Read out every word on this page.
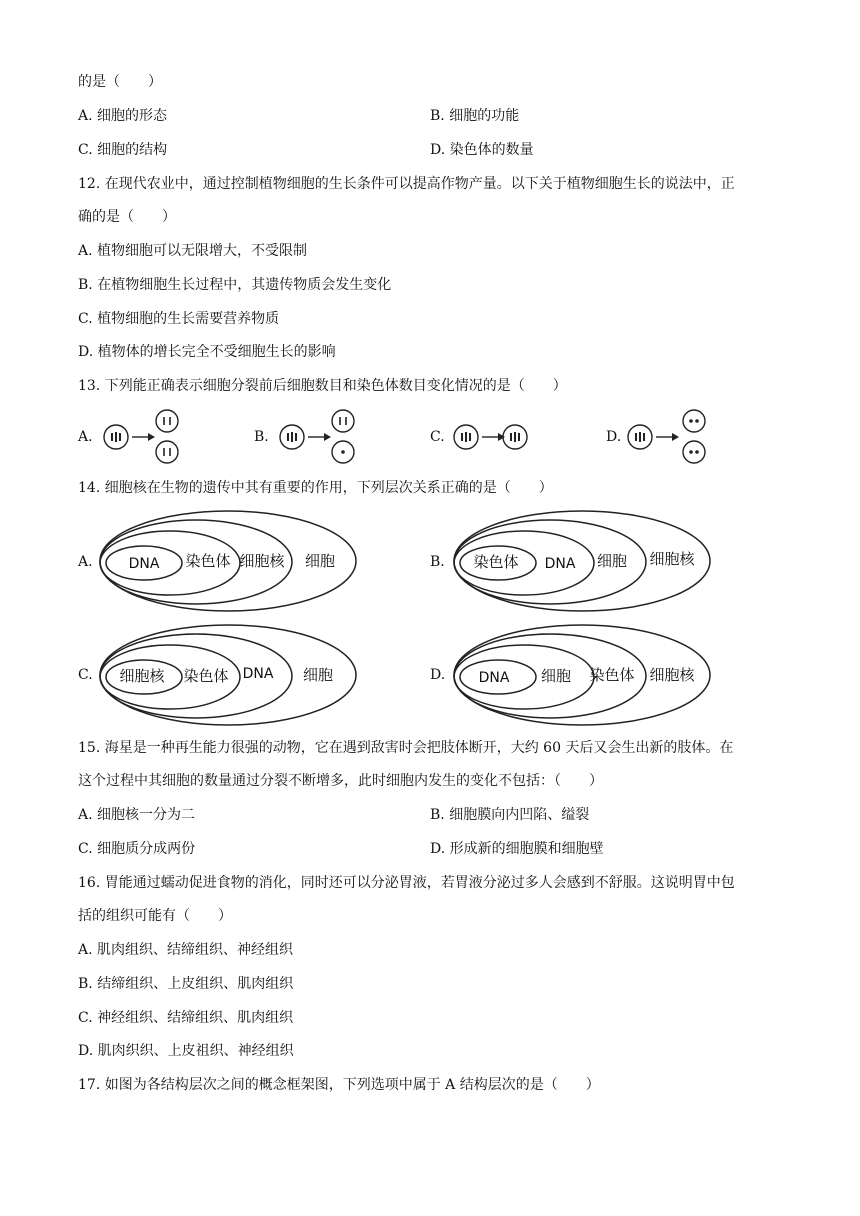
的是（　　）
A. 细胞的形态	B. 细胞的功能
C. 细胞的结构	D. 染色体的数量
12. 在现代农业中，通过控制植物细胞的生长条件可以提高作物产量。以下关于植物细胞生长的说法中，正
确的是（　　）
A. 植物细胞可以无限增大，不受限制
B. 在植物细胞生长过程中，其遗传物质会发生变化
C. 植物细胞的生长需要营养物质
D. 植物体的增长完全不受细胞生长的影响
13. 下列能正确表示细胞分裂前后细胞数目和染色体数目变化情况的是（　　）
A.	B.	C.	D.
14. 细胞核在生物的遗传中其有重要的作用，下列层次关系正确的是（　　）
A.	DNA 染色体 细胞核 细胞	B. 染色体 DNA 细胞 细胞核
C. 细胞核 染色体 DNA 细胞	D. DNA 细胞 染色体 细胞核
15. 海星是一种再生能力很强的动物，它在遇到敌害时会把肢体断开，大约 60 天后又会生出新的肢体。在
这个过程中其细胞的数量通过分裂不断增多，此时细胞内发生的变化不包括：（　　）
A. 细胞核一分为二	B. 细胞膜向内凹陷、缢裂
C. 细胞质分成两份	D. 形成新的细胞膜和细胞壁
16. 胃能通过蠕动促进食物的消化，同时还可以分泌胃液，若胃液分泌过多人会感到不舒服。这说明胃中包
括的组织可能有（　　）
A. 肌肉组织、结缔组织、神经组织
B. 结缔组织、上皮组织、肌肉组织
C. 神经组织、结缔组织、肌肉组织
D. 肌肉织织、上皮祖织、神经组织
17. 如图为各结构层次之间的概念框架图，下列选项中属于 A 结构层次的是（　　）
